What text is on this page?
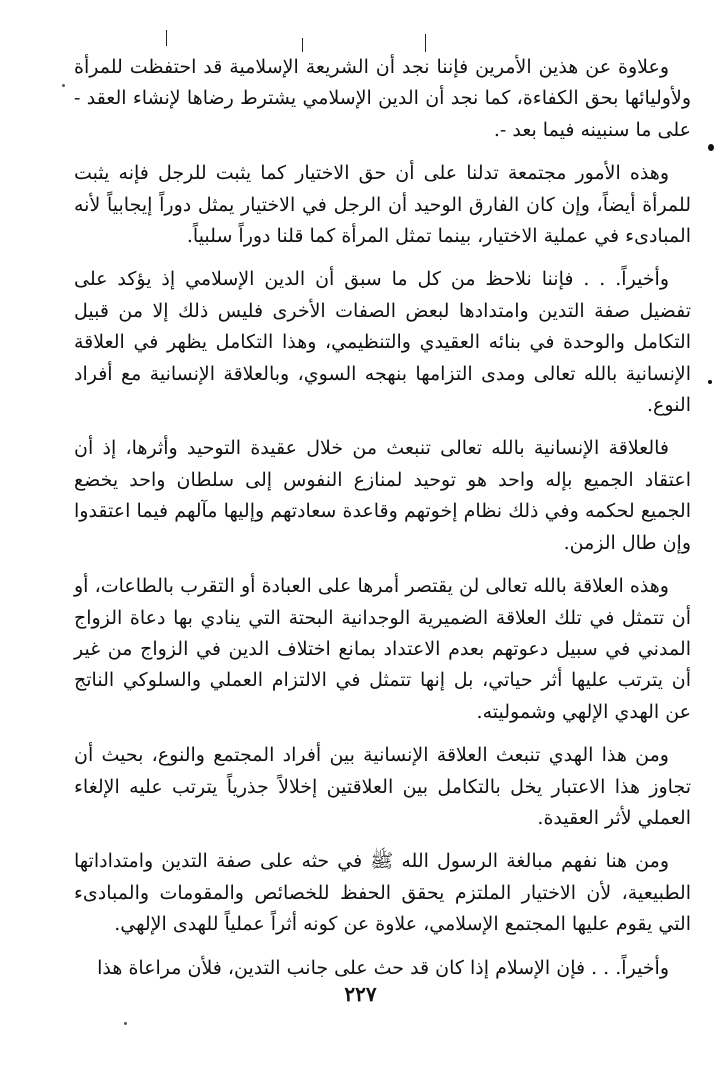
وعلاوة عن هذين الأمرين فإننا نجد أن الشريعة الإسلامية قد احتفظت للمرأة ولأوليائها بحق الكفاءة، كما نجد أن الدين الإسلامي يشترط رضاها لإنشاء العقد - على ما سنبينه فيما بعد -.

وهذه الأمور مجتمعة تدلنا على أن حق الاختيار كما يثبت للرجل فإنه يثبت للمرأة أيضاً، وإن كان الفارق الوحيد أن الرجل في الاختيار يمثل دوراً إيجابياً لأنه المبادىء في عملية الاختيار، بينما تمثل المرأة كما قلنا دوراً سلبياً.

وأخيراً. . . فإننا نلاحظ من كل ما سبق أن الدين الإسلامي إذ يؤكد على تفضيل صفة التدين وامتدادها لبعض الصفات الأخرى فليس ذلك إلا من قبيل التكامل والوحدة في بنائه العقيدي والتنظيمي، وهذا التكامل يظهر في العلاقة الإنسانية بالله تعالى ومدى التزامها بنهجه السوي، وبالعلاقة الإنسانية مع أفراد النوع.

فالعلاقة الإنسانية بالله تعالى تنبعث من خلال عقيدة التوحيد وأثرها، إذ أن اعتقاد الجميع بإله واحد هو توحيد لمنازع النفوس إلى سلطان واحد يخضع الجميع لحكمه وفي ذلك نظام إخوتهم وقاعدة سعادتهم وإليها مآلهم فيما اعتقدوا وإن طال الزمن.

وهذه العلاقة بالله تعالى لن يقتصر أمرها على العبادة أو التقرب بالطاعات، أو أن تتمثل في تلك العلاقة الضميرية الوجدانية البحتة التي ينادي بها دعاة الزواج المدني في سبيل دعوتهم بعدم الاعتداد بمانع اختلاف الدين في الزواج من غير أن يترتب عليها أثر حياتي، بل إنها تتمثل في الالتزام العملي والسلوكي الناتج عن الهدي الإلهي وشموليته.

ومن هذا الهدي تنبعث العلاقة الإنسانية بين أفراد المجتمع والنوع، بحيث أن تجاوز هذا الاعتبار يخل بالتكامل بين العلاقتين إخلالاً جذرياً يترتب عليه الإلغاء العملي لأثر العقيدة.

ومن هنا نفهم مبالغة الرسول الله ﷺ في حثه على صفة التدين وامتداداتها الطبيعية، لأن الاختيار الملتزم يحقق الحفظ للخصائص والمقومات والمبادىء التي يقوم عليها المجتمع الإسلامي، علاوة عن كونه أثراً عملياً للهدى الإلهي.

وأخيراً. . . فإن الإسلام إذا كان قد حث على جانب التدين، فلأن مراعاة هذا

٢٢٧
